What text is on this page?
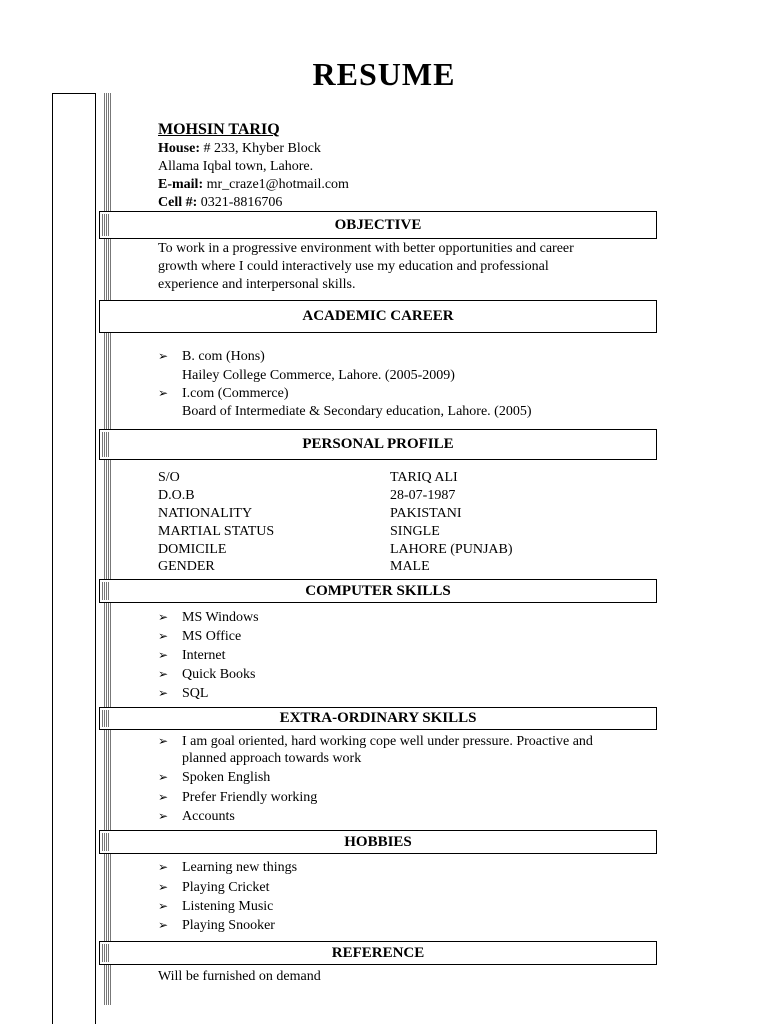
RESUME
MOHSIN TARIQ
House: # 233, Khyber Block
Allama Iqbal town, Lahore.
E-mail: mr_craze1@hotmail.com
Cell #: 0321-8816706
OBJECTIVE
To work in a progressive environment with better opportunities and career
growth where I could interactively use my education and professional
experience and interpersonal skills.
ACADEMIC CAREER
➢ B. com (Hons)
Hailey College Commerce, Lahore. (2005-2009)
➢ I.com (Commerce)
Board of Intermediate & Secondary education, Lahore. (2005)
PERSONAL PROFILE
S/O	TARIQ ALI
D.O.B	28-07-1987
NATIONALITY	PAKISTANI
MARTIAL STATUS	SINGLE
DOMICILE	LAHORE (PUNJAB)
GENDER	MALE
COMPUTER SKILLS
➢ MS Windows
➢ MS Office
➢ Internet
➢ Quick Books
➢ SQL
EXTRA-ORDINARY SKILLS
➢ I am goal oriented, hard working cope well under pressure. Proactive and
planned approach towards work
➢ Spoken English
➢ Prefer Friendly working
➢ Accounts
HOBBIES
➢ Learning new things
➢ Playing Cricket
➢ Listening Music
➢ Playing Snooker
REFERENCE
Will be furnished on demand
